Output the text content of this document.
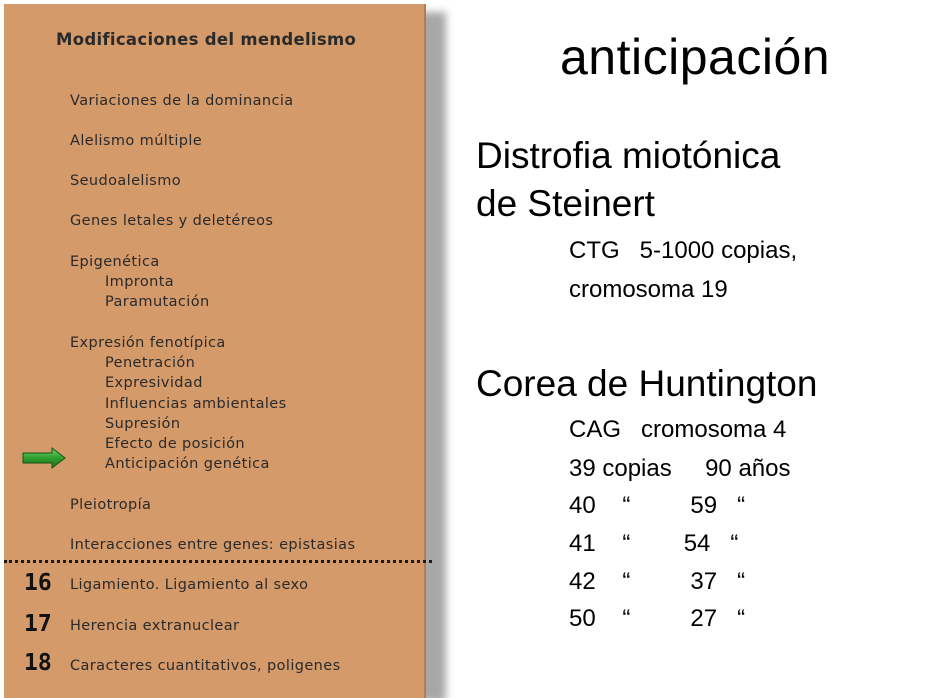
Modificaciones del mendelismo
Variaciones de la dominancia
Alelismo múltiple
Seudoalelismo
Genes letales y deletéreos
Epigenética
Impronta
Paramutación
Expresión fenotípica
Penetración
Expresividad
Influencias ambientales
Supresión
Efecto de posición
Anticipación genética
Pleiotropía
Interacciones entre genes: epistasias
16 Ligamiento. Ligamiento al sexo
17 Herencia extranuclear
18 Caracteres cuantitativos, poligenes
anticipación
Distrofia miotónica
de Steinert
CTG   5-1000 copias,
cromosoma 19
Corea de Huntington
CAG   cromosoma 4
39 copias     90 años
40    “         59   “
41    “        54   “
42    “         37   “
50    “         27   “
